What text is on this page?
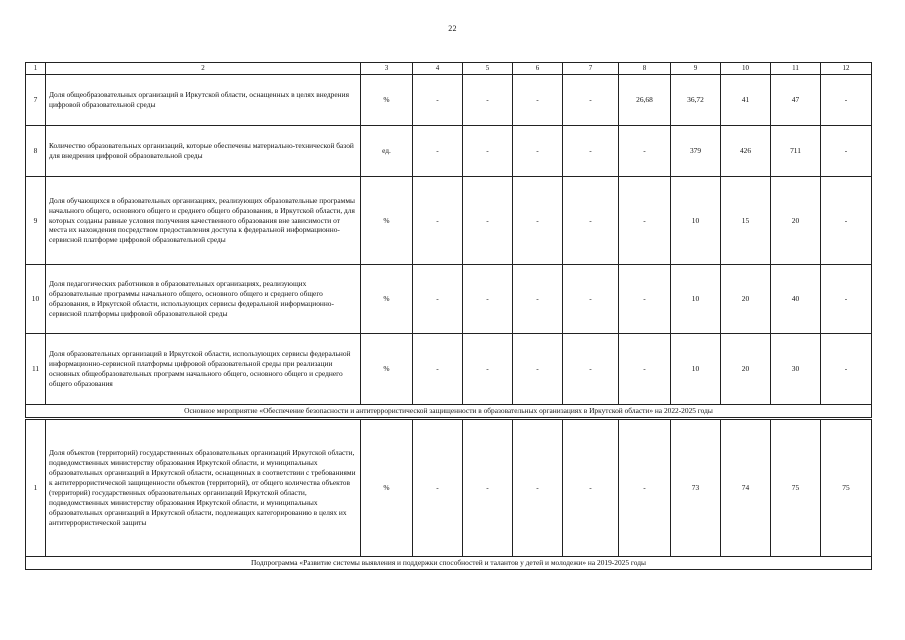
22
1	2	3	4	5	6	7	8	9	10	11	12
7	Доля общеобразовательных организаций в Иркутской области, оснащенных в целях внедрения цифровой образовательной среды	%	-	-	-	-	26,68	36,72	41	47	-
8	Количество образовательных организаций, которые обеспечены материально-технической базой для внедрения цифровой образовательной среды	ед.	-	-	-	-	-	379	426	711	-
9	Доля обучающихся в образовательных организациях, реализующих образовательные программы начального общего, основного общего и среднего общего образования, в Иркутской области, для которых созданы равные условия получения качественного образования вне зависимости от места их нахождения посредством предоставления доступа к федеральной информационно-сервисной платформе цифровой образовательной среды	%	-	-	-	-	-	10	15	20	-
10	Доля педагогических работников в образовательных организациях, реализующих образовательные программы начального общего, основного общего и среднего общего образования, в Иркутской области, использующих сервисы федеральной информационно-сервисной платформы цифровой образовательной среды	%	-	-	-	-	-	10	20	40	-
11	Доля образовательных организаций в Иркутской области, использующих сервисы федеральной информационно-сервисной платформы цифровой образовательной среды при реализации основных общеобразовательных программ начального общего, основного общего и среднего общего образования	%	-	-	-	-	-	10	20	30	-
Основное мероприятие «Обеспечение безопасности и антитеррористической защищенности в образовательных организациях в Иркутской области» на 2022-2025 годы											
1	Доля объектов (территорий) государственных образовательных организаций Иркутской области, подведомственных министерству образования Иркутской области, и муниципальных образовательных организаций в Иркутской области, оснащенных в соответствии с требованиями к антитеррористической защищенности объектов (территорий), от общего количества объектов (территорий) государственных образовательных организаций Иркутской области, подведомственных министерству образования Иркутской области, и муниципальных образовательных организаций в Иркутской области, подлежащих категорированию в целях их антитеррористической защиты	%	-	-	-	-	-	73	74	75	75
Подпрограмма «Развитие системы выявления и поддержки способностей и талантов у детей и молодежи» на 2019-2025 годы											
